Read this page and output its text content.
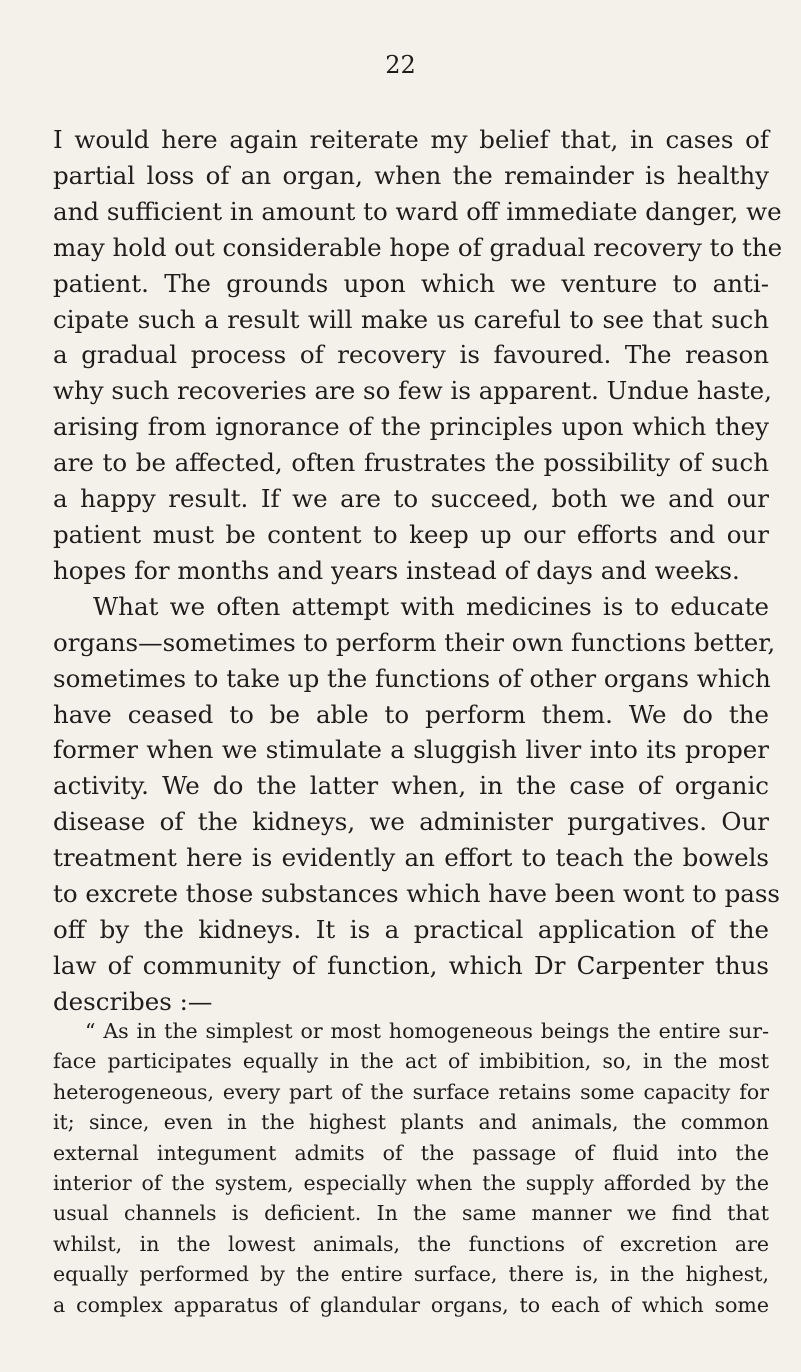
22
I would here again reiterate my belief that, in cases of
partial loss of an organ, when the remainder is healthy
and sufficient in amount to ward off immediate danger, we
may hold out considerable hope of gradual recovery to the
patient. The grounds upon which we venture to anti-
cipate such a result will make us careful to see that such
a gradual process of recovery is favoured. The reason
why such recoveries are so few is apparent. Undue haste,
arising from ignorance of the principles upon which they
are to be affected, often frustrates the possibility of such
a happy result. If we are to succeed, both we and our
patient must be content to keep up our efforts and our
hopes for months and years instead of days and weeks.
What we often attempt with medicines is to educate
organs—sometimes to perform their own functions better,
sometimes to take up the functions of other organs which
have ceased to be able to perform them. We do the
former when we stimulate a sluggish liver into its proper
activity. We do the latter when, in the case of organic
disease of the kidneys, we administer purgatives. Our
treatment here is evidently an effort to teach the bowels
to excrete those substances which have been wont to pass
off by the kidneys. It is a practical application of the
law of community of function, which Dr Carpenter thus
describes :—
“ As in the simplest or most homogeneous beings the entire sur-
face participates equally in the act of imbibition, so, in the most
heterogeneous, every part of the surface retains some capacity for
it; since, even in the highest plants and animals, the common
external integument admits of the passage of fluid into the
interior of the system, especially when the supply afforded by the
usual channels is deficient. In the same manner we find that
whilst, in the lowest animals, the functions of excretion are
equally performed by the entire surface, there is, in the highest,
a complex apparatus of glandular organs, to each of which some
